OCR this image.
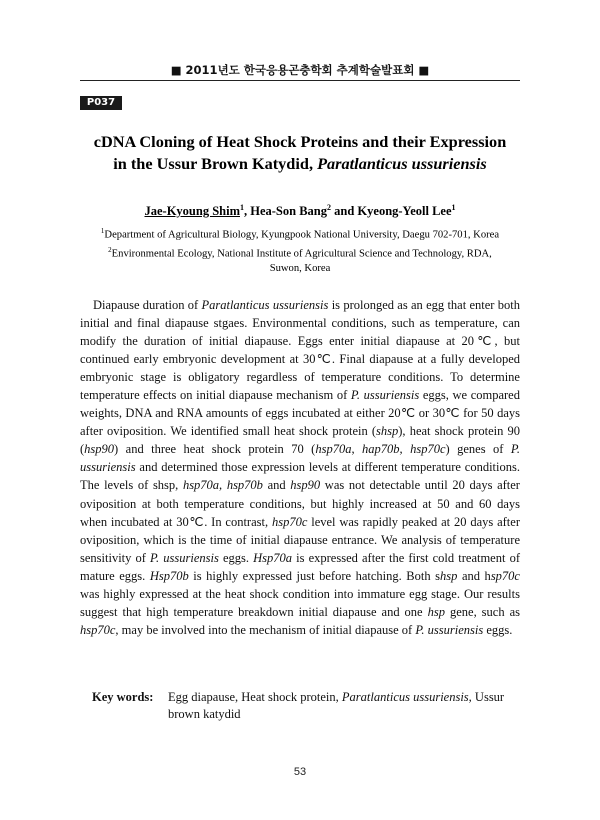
■ 2011년도 한국응용곤충학회 추계학술발표회 ■
P037
cDNA Cloning of Heat Shock Proteins and their Expression
in the Ussur Brown Katydid, Paratlanticus ussuriensis
Jae-Kyoung Shim$^1$, Hea-Son Bang$^2$ and Kyeong-Yeoll Lee$^1$
$^1$Department of Agricultural Biology, Kyungpook National University, Daegu 702-701, Korea
$^2$Environmental Ecology, National Institute of Agricultural Science and Technology, RDA,
Suwon, Korea

Diapause duration of Paratlanticus ussuriensis is prolonged as an egg that enter both initial and final diapause stgaes. Environmental conditions, such as temperature, can modify the duration of initial diapause. Eggs enter initial diapause at 20℃, but continued early embryonic development at 30℃. Final diapause at a fully developed embryonic stage is obligatory regardless of temperature conditions. To determine temperature effects on initial diapause mechanism of P. ussuriensis eggs, we compared weights, DNA and RNA amounts of eggs incubated at either 20℃ or 30℃ for 50 days after oviposition. We identified small heat shock protein (shsp), heat shock protein 90 (hsp90) and three heat shock protein 70 (hsp70a, hap70b, hsp70c) genes of P. ussuriensis and determined those expression levels at different temperature conditions. The levels of shsp, hsp70a, hsp70b and hsp90 was not detectable until 20 days after oviposition at both temperature conditions, but highly increased at 50 and 60 days when incubated at 30℃. In contrast, hsp70c level was rapidly peaked at 20 days after oviposition, which is the time of initial diapause entrance. We analysis of temperature sensitivity of P. ussuriensis eggs. Hsp70a is expressed after the first cold treatment of mature eggs. Hsp70b is highly expressed just before hatching. Both shsp and hsp70c was highly expressed at the heat shock condition into immature egg stage. Our results suggest that high temperature breakdown initial diapause and one hsp gene, such as hsp70c, may be involved into the mechanism of initial diapause of P. ussuriensis eggs.

Key words: Egg diapause, Heat shock protein, Paratlanticus ussuriensis, Ussur brown katydid
53
